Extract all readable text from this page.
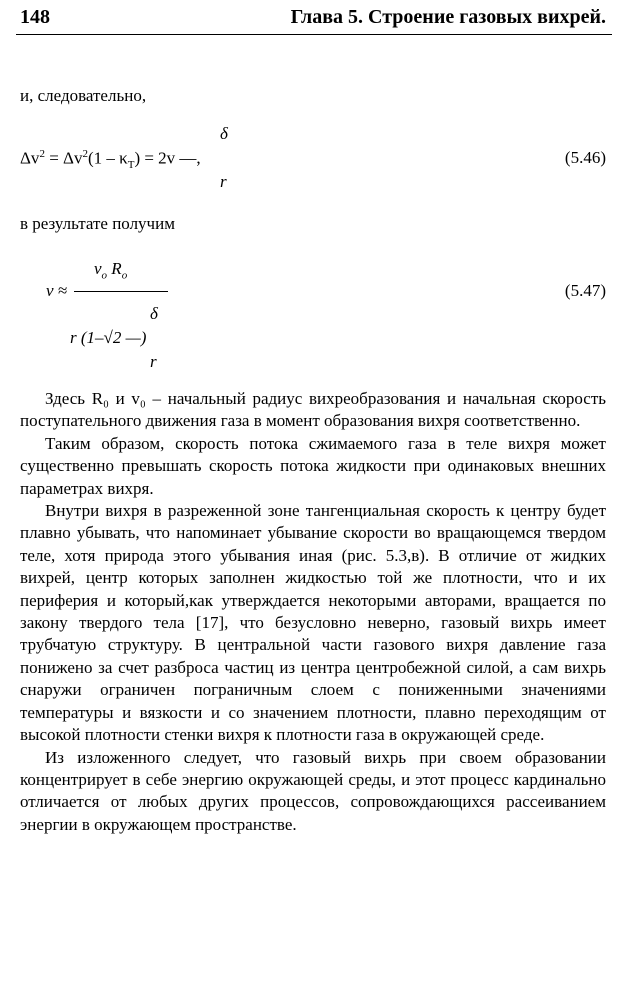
148	Глава 5. Строение газовых вихрей.
и, следовательно,
δ
$\Delta v^2 = \Delta v^2(1 - \kappa_T) = 2v$ —,
r
(5.46)
в результате получим
$v_o$ $R_o$
v ≈	(5.47)
δ
r (1–√2 —)
r

Здесь R₀ и v₀ – начальный радиус вихреобразования и начальная скорость поступательного движения газа в момент образования вихря соответственно.

Таким образом, скорость потока сжимаемого газа в теле вихря может существенно превышать скорость потока жидкости при одинаковых внешних параметрах вихря.

Внутри вихря в разреженной зоне тангенциальная скорость к центру будет плавно убывать, что напоминает убывание скорости во вращающемся твердом теле, хотя природа этого убывания иная (рис. 5.3,в). В отличие от жидких вихрей, центр которых заполнен жидкостью той же плотности, что и их периферия и который,как утверждается некоторыми авторами, вращается по закону твердого тела [17], что безусловно неверно, газовый вихрь имеет трубчатую структуру. В центральной части газового вихря давление газа понижено за счет разброса частиц из центра центробежной силой, а сам вихрь снаружи ограничен пограничным слоем с пониженными значениями температуры и вязкости и со значением плотности, плавно переходящим от высокой плотности стенки вихря к плотности газа в окружающей среде.

Из изложенного следует, что газовый вихрь при своем образовании концентрирует в себе энергию окружающей среды, и этот процесс кардинально отличается от любых других процессов, сопровождающихся рассеиванием энергии в окружающем пространстве.
